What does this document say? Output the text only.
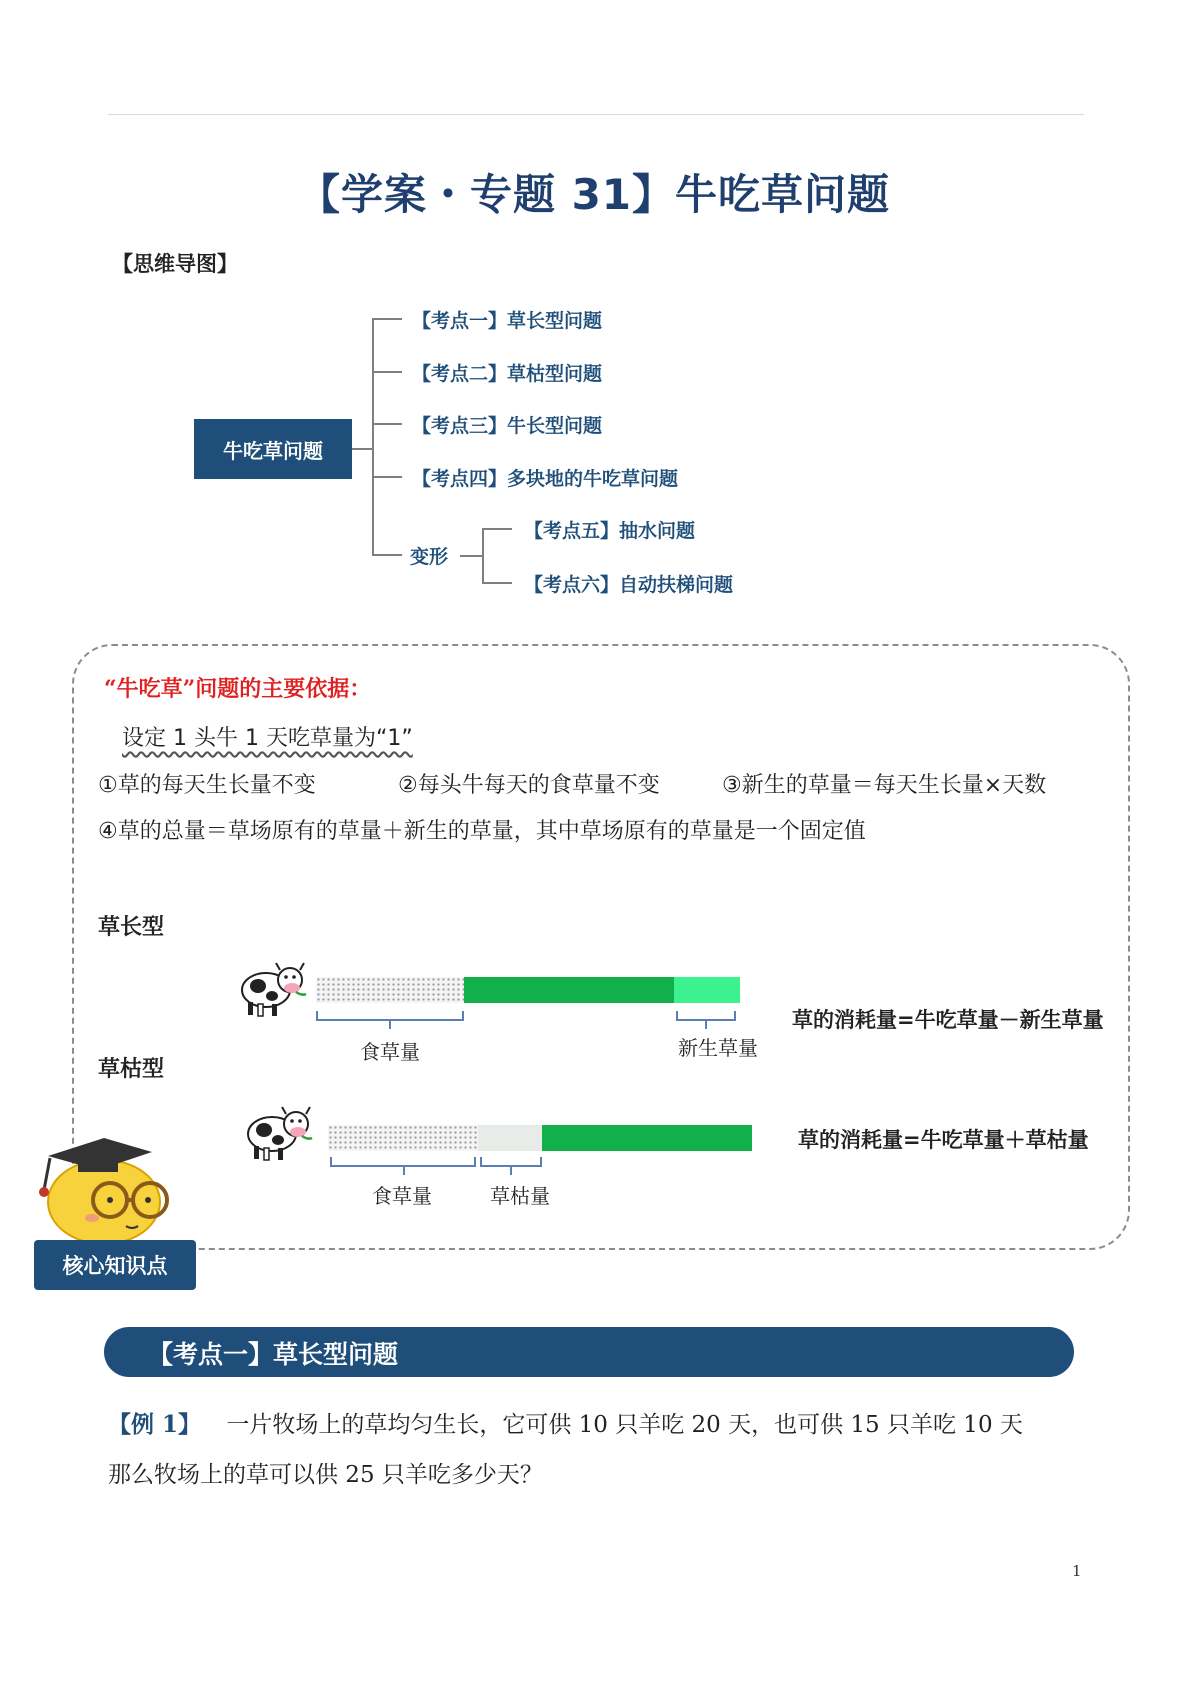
【学案・专题 31】牛吃草问题
【思维导图】
牛吃草问题
【考点一】草长型问题
【考点二】草枯型问题
【考点三】牛长型问题
【考点四】多块地的牛吃草问题
变形
【考点五】抽水问题
【考点六】自动扶梯问题
“牛吃草”问题的主要依据：
设定 1 头牛 1 天吃草量为“1”
①草的每天生长量不变	②每头牛每天的食草量不变	③新生的草量＝每天生长量×天数
④草的总量＝草场原有的草量＋新生的草量，其中草场原有的草量是一个固定值
草长型
食草量	新生草量
草的消耗量=牛吃草量－新生草量
草枯型
食草量	草枯量
草的消耗量=牛吃草量＋草枯量
核心知识点
【考点一】草长型问题
【例 1】 一片牧场上的草均匀生长，它可供 10 只羊吃 20 天，也可供 15 只羊吃 10 天
那么牧场上的草可以供 25 只羊吃多少天？
1
